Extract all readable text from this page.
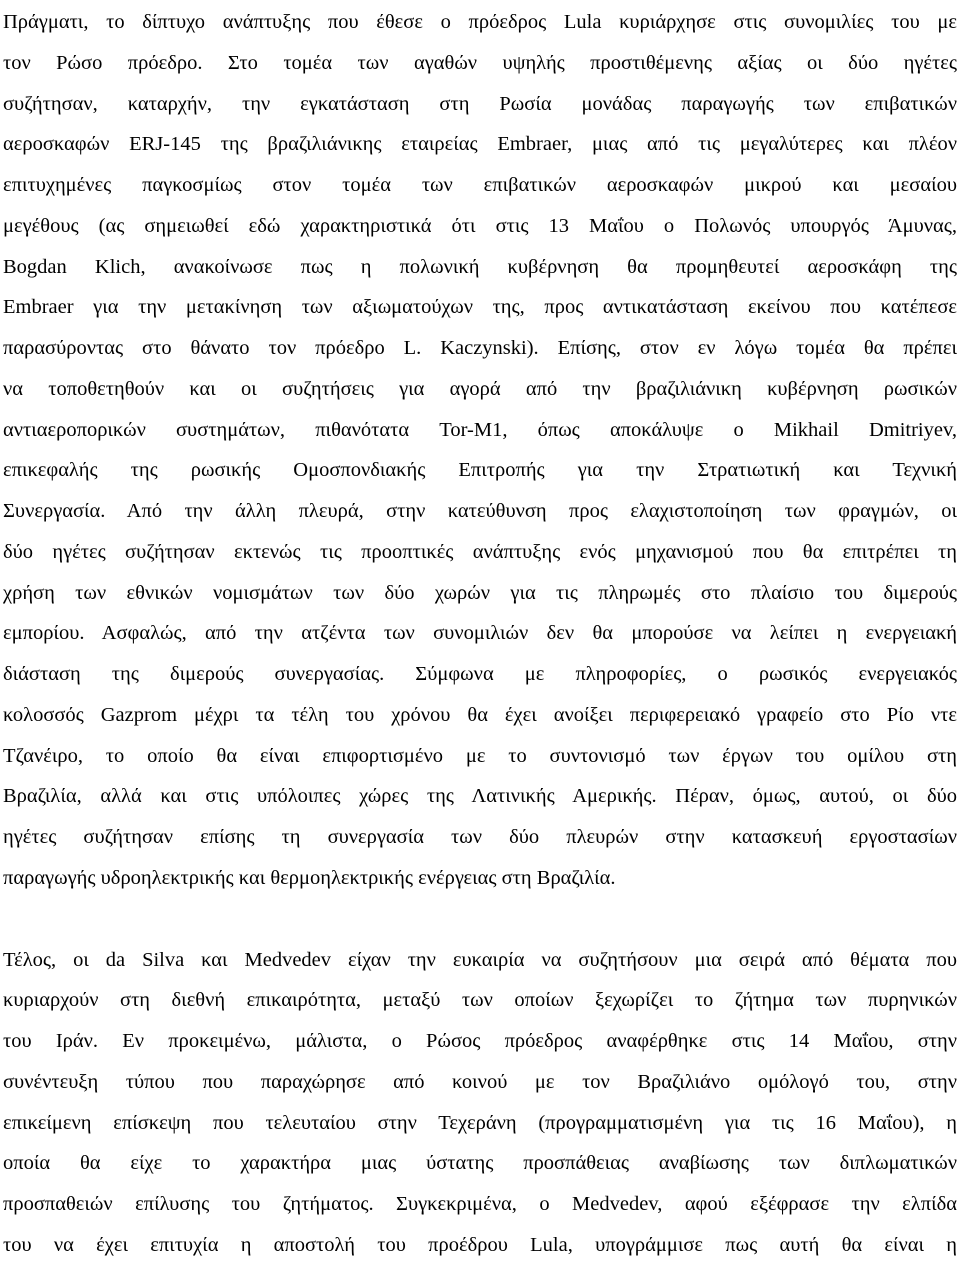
Πράγματι, το δίπτυχο ανάπτυξης που έθεσε ο πρόεδρος Lula κυριάρχησε στις συνομιλίες του με
τον Ρώσο πρόεδρο. Στο τομέα των αγαθών υψηλής προστιθέμενης αξίας οι δύο ηγέτες
συζήτησαν, καταρχήν, την εγκατάσταση στη Ρωσία μονάδας παραγωγής των επιβατικών
αεροσκαφών ERJ-145 της βραζιλιάνικης εταιρείας Embraer, μιας από τις μεγαλύτερες και πλέον
επιτυχημένες παγκοσμίως στον τομέα των επιβατικών αεροσκαφών μικρού και μεσαίου
μεγέθους (ας σημειωθεί εδώ χαρακτηριστικά ότι στις 13 Μαΐου ο Πολωνός υπουργός Άμυνας,
Bogdan Klich, ανακοίνωσε πως η πολωνική κυβέρνηση θα προμηθευτεί αεροσκάφη της
Embraer για την μετακίνηση των αξιωματούχων της, προς αντικατάσταση εκείνου που κατέπεσε
παρασύροντας στο θάνατο τον πρόεδρο L. Kaczynski). Επίσης, στον εν λόγω τομέα θα πρέπει
να τοποθετηθούν και οι συζητήσεις για αγορά από την βραζιλιάνικη κυβέρνηση ρωσικών
αντιαεροπορικών συστημάτων, πιθανότατα Tor-M1, όπως αποκάλυψε ο Mikhail Dmitriyev,
επικεφαλής της ρωσικής Ομοσπονδιακής Επιτροπής για την Στρατιωτική και Τεχνική
Συνεργασία. Από την άλλη πλευρά, στην κατεύθυνση προς ελαχιστοποίηση των φραγμών, οι
δύο ηγέτες συζήτησαν εκτενώς τις προοπτικές ανάπτυξης ενός μηχανισμού που θα επιτρέπει τη
χρήση των εθνικών νομισμάτων των δύο χωρών για τις πληρωμές στο πλαίσιο του διμερούς
εμπορίου. Ασφαλώς, από την ατζέντα των συνομιλιών δεν θα μπορούσε να λείπει η ενεργειακή
διάσταση της διμερούς συνεργασίας. Σύμφωνα με πληροφορίες, ο ρωσικός ενεργειακός
κολοσσός Gazprom μέχρι τα τέλη του χρόνου θα έχει ανοίξει περιφερειακό γραφείο στο Ρίο ντε
Τζανέιρο, το οποίο θα είναι επιφορτισμένο με το συντονισμό των έργων του ομίλου στη
Βραζιλία, αλλά και στις υπόλοιπες χώρες της Λατινικής Αμερικής. Πέραν, όμως, αυτού, οι δύο
ηγέτες συζήτησαν επίσης τη συνεργασία των δύο πλευρών στην κατασκευή εργοστασίων
παραγωγής υδροηλεκτρικής και θερμοηλεκτρικής ενέργειας στη Βραζιλία.
Τέλος, οι da Silva και Medvedev είχαν την ευκαιρία να συζητήσουν μια σειρά από θέματα που
κυριαρχούν στη διεθνή επικαιρότητα, μεταξύ των οποίων ξεχωρίζει το ζήτημα των πυρηνικών
του Ιράν. Εν προκειμένω, μάλιστα, ο Ρώσος πρόεδρος αναφέρθηκε στις 14 Μαΐου, στην
συνέντευξη τύπου που παραχώρησε από κοινού με τον Βραζιλιάνο ομόλογό του, στην
επικείμενη επίσκεψη που τελευταίου στην Τεχεράνη (προγραμματισμένη για τις 16 Μαΐου), η
οποία θα είχε το χαρακτήρα μιας ύστατης προσπάθειας αναβίωσης των διπλωματικών
προσπαθειών επίλυσης του ζητήματος. Συγκεκριμένα, ο Medvedev, αφού εξέφρασε την ελπίδα
του να έχει επιτυχία η αποστολή του προέδρου Lula, υπογράμμισε πως αυτή θα είναι η
